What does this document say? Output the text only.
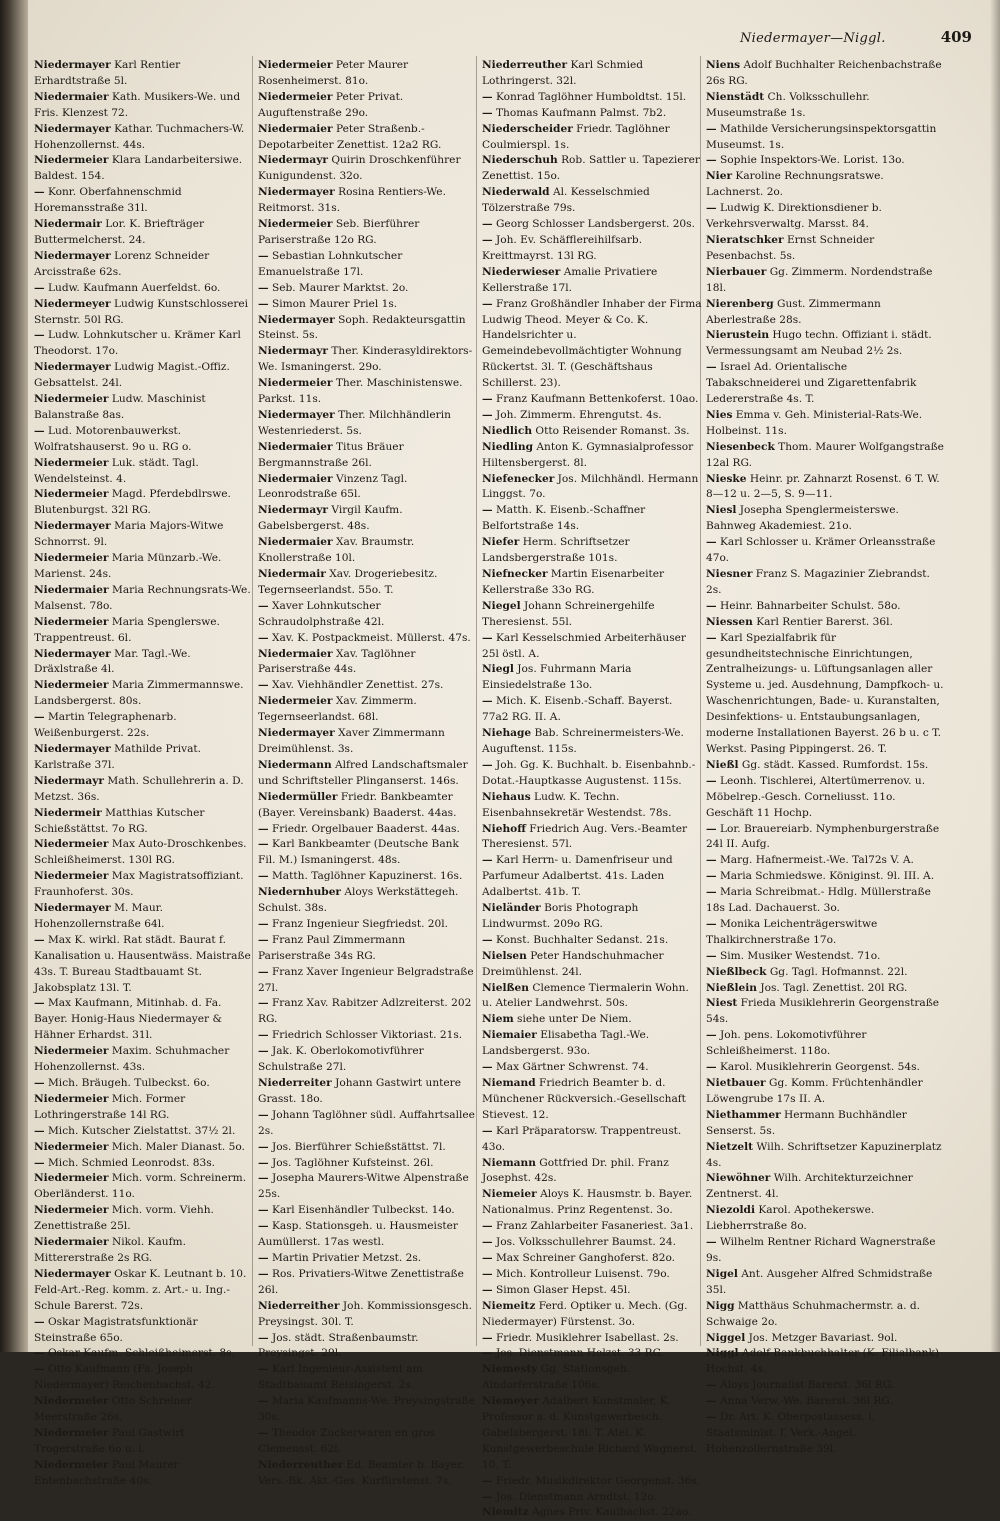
Niedermayer—Niggl.	409

Niedermayer Karl Rentier Erhardtstraße 5l.

Niedermaier Kath. Musikers-We. und Fris. Klenzest 72.

Niedermayer Kathar. Tuchmachers-W. Hohenzollernst. 44s.

Niedermeier Klara Landarbeitersiwe. Baldest. 154.

— Konr. Oberfahnenschmid Horemansstraße 31l.

Niedermair Lor. K. Briefträger Buttermelcherst. 24.

Niedermayer Lorenz Schneider Arcisstraße 62s.

— Ludw. Kaufmann Auerfeldst. 6o.

Niedermeyer Ludwig Kunstschlosserei Sternstr. 50l RG.

— Ludw. Lohnkutscher u. Krämer Karl Theodorst. 17o.

Niedermayer Ludwig Magist.-Offiz. Gebsattelst. 24l.

Niedermeier Ludw. Maschinist Balanstraße 8as.

— Lud. Motorenbauwerkst. Wolfratshauserst. 9o u. RG o.

Niedermeier Luk. städt. Tagl. Wendelsteinst. 4.

Niedermeier Magd. Pferdebdlrswe. Blutenburgst. 32l RG.

Niedermayer Maria Majors-Witwe Schnorrst. 9l.

Niedermeier Maria Münzarb.-We. Marienst. 24s.

Niedermaier Maria Rechnungsrats-We. Malsenst. 78o.

Niedermeier Maria Spenglerswe. Trappentreust. 6l.

Niedermayer Mar. Tagl.-We. Dräxlstraße 4l.

Niedermeier Maria Zimmermannswe. Landsbergerst. 80s.

— Martin Telegraphenarb. Weißenburgerst. 22s.

Niedermayer Mathilde Privat. Karlstraße 37l.

Niedermayr Math. Schullehrerin a. D. Metzst. 36s.

Niedermeir Matthias Kutscher Schießstättst. 7o RG.

Niedermeier Max Auto-Droschkenbes. Schleißheimerst. 130l RG.

Niedermeier Max Magistratsoffiziant. Fraunhoferst. 30s.

Niedermayer M. Maur. Hohenzollernstraße 64l.

— Max K. wirkl. Rat städt. Baurat f. Kanalisation u. Hausentwäss. Maistraße 43s. T. Bureau Stadtbauamt St. Jakobsplatz 13l. T.

— Max Kaufmann, Mitinhab. d. Fa. Bayer. Honig-Haus Niedermayer & Hähner Erhardst. 31l.

Niedermeier Maxim. Schuhmacher Hohenzollernst. 43s.

— Mich. Bräugeh. Tulbeckst. 6o.

Niedermeier Mich. Former Lothringerstraße 14l RG.

— Mich. Kutscher Zielstattst. 37½ 2l.

Niedermeier Mich. Maler Dianast. 5o.

— Mich. Schmied Leonrodst. 83s.

Niedermeier Mich. vorm. Schreinerm. Oberländerst. 11o.

Niedermeier Mich. vorm. Viehh. Zenettistraße 25l.

Niedermaier Nikol. Kaufm. Mittererstraße 2s RG.

Niedermayer Oskar K. Leutnant b. 10. Feld-Art.-Reg. komm. z. Art.- u. Ing.-Schule Barerst. 72s.

— Oskar Magistratsfunktionär Steinstraße 65o.

— Oskar Kaufm. Schleißheimerst. 8s.

— Otto Kaufmann (Fa. Joseph Niedermayer) Reichenbachst. 42.

Niedermeier Otto Schreiner Meerstraße 26s.

Niedermeier Paul Gastwirt Trogerstraße 6o u. l.

Niedermeier Paul Maurer Entenbachstraße 40s.

Niedermeier Peter Maurer Rosenheimerst. 81o.

Niedermeier Peter Privat. Auguftenstraße 29o.

Niedermaier Peter Straßenb.-Depotarbeiter Zenettist. 12a2 RG.

Niedermayr Quirin Droschkenführer Kunigundenst. 32o.

Niedermayer Rosina Rentiers-We. Reitmorst. 31s.

Niedermeier Seb. Bierführer Pariserstraße 12o RG.

— Sebastian Lohnkutscher Emanuelstraße 17l.

— Seb. Maurer Marktst. 2o.

— Simon Maurer Priel 1s.

Niedermayer Soph. Redakteursgattin Steinst. 5s.

Niedermayr Ther. Kinderasyldirektors-We. Ismaningerst. 29o.

Niedermeier Ther. Maschinistenswe. Parkst. 11s.

Niedermayer Ther. Milchhändlerin Westenriederst. 5s.

Niedermaier Titus Bräuer Bergmannstraße 26l.

Niedermaier Vinzenz Tagl. Leonrodstraße 65l.

Niedermayr Virgil Kaufm. Gabelsbergerst. 48s.

Niedermaier Xav. Braumstr. Knollerstraße 10l.

Niedermair Xav. Drogeriebesitz. Tegernseerlandst. 55o. T.

— Xaver Lohnkutscher Schraudolphstraße 42l.

— Xav. K. Postpackmeist. Müllerst. 47s.

Niedermaier Xav. Taglöhner Pariserstraße 44s.

— Xav. Viehhändler Zenettist. 27s.

Niedermeier Xav. Zimmerm. Tegernseerlandst. 68l.

Niedermayer Xaver Zimmermann Dreimühlenst. 3s.

Niedermann Alfred Landschaftsmaler und Schriftsteller Plinganserst. 146s.

Niedermüller Friedr. Bankbeamter (Bayer. Vereinsbank) Baaderst. 44as.

— Friedr. Orgelbauer Baaderst. 44as.

— Karl Bankbeamter (Deutsche Bank Fil. M.) Ismaningerst. 48s.

— Matth. Taglöhner Kapuzinerst. 16s.

Niedernhuber Aloys Werkstättegeh. Schulst. 38s.

— Franz Ingenieur Siegfriedst. 20l.

— Franz Paul Zimmermann Pariserstraße 34s RG.

— Franz Xaver Ingenieur Belgradstraße 27l.

— Franz Xav. Rabitzer Adlzreiterst. 202 RG.

— Friedrich Schlosser Viktoriast. 21s.

— Jak. K. Oberlokomotivführer Schulstraße 27l.

Niederreiter Johann Gastwirt untere Grasst. 18o.

— Johann Taglöhner südl. Auffahrtsallee 2s.

— Jos. Bierführer Schießstättst. 7l.

— Jos. Taglöhner Kufsteinst. 26l.

— Josepha Maurers-Witwe Alpenstraße 25s.

— Karl Eisenhändler Tulbeckst. 14o.

— Kasp. Stationsgeh. u. Hausmeister Aumüllerst. 17as westl.

— Martin Privatier Metzst. 2s.

— Ros. Privatiers-Witwe Zenettistraße 26l.

Niederreither Joh. Kommissionsgesch. Preysingst. 30l. T.

— Jos. städt. Straßenbaumstr. Preysingst. 29l.

— Karl Ingenieur-Assistent am Stadtbauamt Reisingerst. 2s.

— Maria Kaufmanns-We. Preysingstraße 30s.

— Theodor Zuckerwaren en gros Clemensst. 62l.

Niederreuther Ed. Beamter b. Bayer. Vers.-Bk. Akt.-Ges. Kurfürstenst. 7s.

Niederreuther Karl Schmied Lothringerst. 32l.

— Konrad Taglöhner Humboldtst. 15l.

— Thomas Kaufmann Palmst. 7b2.

Niederscheider Friedr. Taglöhner Coulmierspl. 1s.

Niederschuh Rob. Sattler u. Tapezierer Zenettist. 15o.

Niederwald Al. Kesselschmied Tölzerstraße 79s.

— Georg Schlosser Landsbergerst. 20s.

— Joh. Ev. Schäfflereihilfsarb. Kreittmayrst. 13l RG.

Niederwieser Amalie Privatiere Kellerstraße 17l.

— Franz Großhändler Inhaber der Firma Ludwig Theod. Meyer & Co. K. Handelsrichter u. Gemeindebevollmächtigter Wohnung Rückertst. 3l. T. (Geschäftshaus Schillerst. 23).

— Franz Kaufmann Bettenkoferst. 10ao.

— Joh. Zimmerm. Ehrengutst. 4s.

Niedlich Otto Reisender Romanst. 3s.

Niedling Anton K. Gymnasialprofessor Hiltensbergerst. 8l.

Niefenecker Jos. Milchhändl. Hermann Linggst. 7o.

— Matth. K. Eisenb.-Schaffner Belfortstraße 14s.

Niefer Herm. Schriftsetzer Landsbergerstraße 101s.

Niefnecker Martin Eisenarbeiter Kellerstraße 33o RG.

Niegel Johann Schreinergehilfe Theresienst. 55l.

— Karl Kesselschmied Arbeiterhäuser 25l östl. A.

Niegl Jos. Fuhrmann Maria Einsiedelstraße 13o.

— Mich. K. Eisenb.-Schaff. Bayerst. 77a2 RG. II. A.

Niehage Bab. Schreinermeisters-We. Auguftenst. 115s.

— Joh. Gg. K. Buchhalt. b. Eisenbahnb.-Dotat.-Hauptkasse Augustenst. 115s.

Niehaus Ludw. K. Techn. Eisenbahnsekretär Westendst. 78s.

Niehoff Friedrich Aug. Vers.-Beamter Theresienst. 57l.

— Karl Herrn- u. Damenfriseur und Parfumeur Adalbertst. 41s. Laden Adalbertst. 41b. T.

Nieländer Boris Photograph Lindwurmst. 209o RG.

— Konst. Buchhalter Sedanst. 21s.

Nielsen Peter Handschuhmacher Dreimühlenst. 24l.

Nielßen Clemence Tiermalerin Wohn. u. Atelier Landwehrst. 50s.

Niem siehe unter De Niem.

Niemaier Elisabetha Tagl.-We. Landsbergerst. 93o.

— Max Gärtner Schwrenst. 74.

Niemand Friedrich Beamter b. d. Münchener Rückversich.-Gesellschaft Stievest. 12.

— Karl Präparatorsw. Trappentreust. 43o.

Niemann Gottfried Dr. phil. Franz Josephst. 42s.

Niemeier Aloys K. Hausmstr. b. Bayer. Nationalmus. Prinz Regentenst. 3o.

— Franz Zahlarbeiter Fasaneriest. 3a1.

— Jos. Volksschullehrer Baumst. 24.

— Max Schreiner Ganghoferst. 82o.

— Mich. Kontrolleur Luisenst. 79o.

— Simon Glaser Hepst. 45l.

Niemeitz Ferd. Optiker u. Mech. (Gg. Niedermayer) Fürstenst. 3o.

— Friedr. Musiklehrer Isabellast. 2s.

— Jos. Dienstmann Holzst. 33 RG.

Niemesty Gg. Stationsgeh. Aindorferstraße 106s.

Niemeyer Adalbert Kunstmaler, K. Professor a. d. Kunstgewerbesch. Gabelsbergerst. 18l. T. Atel. K. Kunstgewerbeschule Richard Wagnerst. 10. T.

— Friedr. Musikdirektor Georgenst. 36s.

— Jos. Dienstmann Arndtst. 12o.

Niemitz Agnes Priv. Kaulbachst. 22ao.

Niens Adolf Buchhalter Reichenbachstraße 26s RG.

Nienstädt Ch. Volksschullehr. Museumstraße 1s.

— Mathilde Versicherungsinspektorsgattin Museumst. 1s.

— Sophie Inspektors-We. Lorist. 13o.

Nier Karoline Rechnungsratswe. Lachnerst. 2o.

— Ludwig K. Direktionsdiener b. Verkehrsverwaltg. Marsst. 84.

Nieratschker Ernst Schneider Pesenbachst. 5s.

Nierbauer Gg. Zimmerm. Nordendstraße 18l.

Nierenberg Gust. Zimmermann Aberlestraße 28s.

Nierustein Hugo techn. Offiziant i. städt. Vermessungsamt am Neubad 2½ 2s.

— Israel Ad. Orientalische Tabakschneiderei und Zigarettenfabrik Ledererstraße 4s. T.

Nies Emma v. Geh. Ministerial-Rats-We. Holbeinst. 11s.

Niesenbeck Thom. Maurer Wolfgangstraße 12al RG.

Nieske Heinr. pr. Zahnarzt Rosenst. 6 T. W. 8—12 u. 2—5, S. 9—11.

Niesl Josepha Spenglermeisterswe. Bahnweg Akademiest. 21o.

— Karl Schlosser u. Krämer Orleansstraße 47o.

Niesner Franz S. Magazinier Ziebrandst. 2s.

— Heinr. Bahnarbeiter Schulst. 58o.

Niessen Karl Rentier Barerst. 36l.

— Karl Spezialfabrik für gesundheitstechnische Einrichtungen, Zentralheizungs- u. Lüftungsanlagen aller Systeme u. jed. Ausdehnung, Dampfkoch- u. Waschenrichtungen, Bade- u. Kuranstalten, Desinfektions- u. Entstaubungsanlagen, moderne Installationen Bayerst. 26 b u. c T. Werkst. Pasing Pippingerst. 26. T.

Nießl Gg. städt. Kassed. Rumfordst. 15s.

— Leonh. Tischlerei, Altertümerrenov. u. Möbelrep.-Gesch. Corneliusst. 11o. Geschäft 11 Hochp.

— Lor. Brauereiarb. Nymphenburgerstraße 24l II. Aufg.

— Marg. Hafnermeist.-We. Tal72s V. A.

— Maria Schmiedswe. Königinst. 9l. III. A.

— Maria Schreibmat.- Hdlg. Müllerstraße 18s Lad. Dachauerst. 3o.

— Monika Leichenträgerswitwe Thalkirchnerstraße 17o.

— Sim. Musiker Westendst. 71o.

Nießlbeck Gg. Tagl. Hofmannst. 22l.

Nießlein Jos. Tagl. Zenettist. 20l RG.

Niest Frieda Musiklehrerin Georgenstraße 54s.

— Joh. pens. Lokomotivführer Schleißheimerst. 118o.

— Karol. Musiklehrerin Georgenst. 54s.

Nietbauer Gg. Komm. Früchtenhändler Löwengrube 17s II. A.

Niethammer Hermann Buchhändler Senserst. 5s.

Nietzelt Wilh. Schriftsetzer Kapuzinerplatz 4s.

Niewöhner Wilh. Architekturzeichner Zentnerst. 4l.

Niezoldi Karol. Apothekerswe. Liebherrstraße 8o.

— Wilhelm Rentner Richard Wagnerstraße 9s.

Nigel Ant. Ausgeher Alfred Schmidstraße 35l.

Nigg Matthäus Schuhmachermstr. a. d. Schwaige 2o.

Niggel Jos. Metzger Bavariast. 9ol.

Niggl Adolf Bankbuchhalter (K. Filialbank) Hochst. 4s.

— Aloys Journalist Barerst. 36l RG.

— Anna Verw.-We. Barerst. 36l RG.

— Dr. Art. K. Oberpostassess. i. Staatsminist. f. Verk.-Angel. Hohenzollernstraße 39l.
